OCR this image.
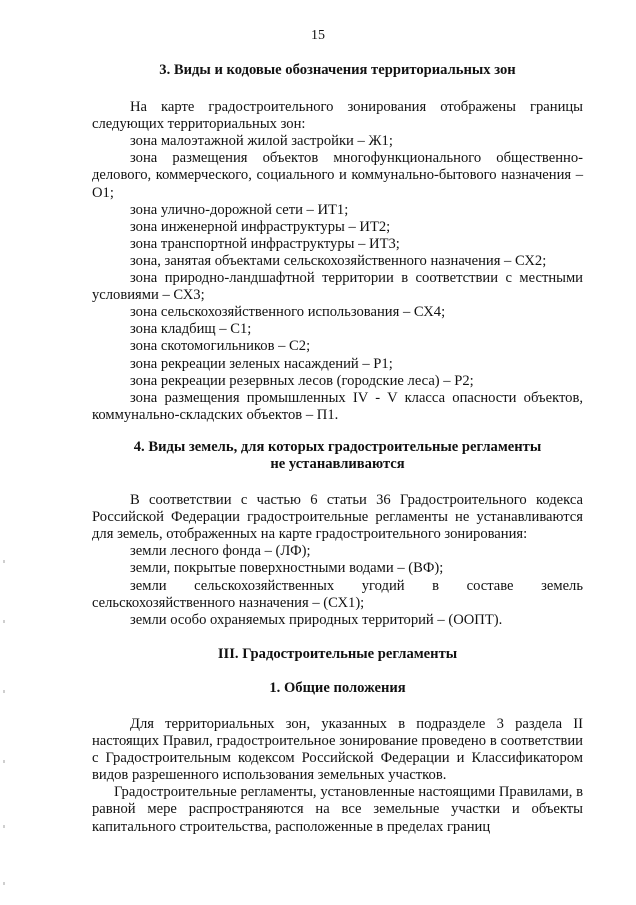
15

3. Виды и кодовые обозначения территориальных зон

На карте градостроительного зонирования отображены границы следующих территориальных зон:

зона малоэтажной жилой застройки – Ж1;

зона размещения объектов многофункционального общественно-делового, коммерческого, социального и коммунально-бытового назначения – О1;

зона улично-дорожной сети – ИТ1;

зона инженерной инфраструктуры – ИТ2;

зона транспортной инфраструктуры – ИТ3;

зона, занятая объектами сельскохозяйственного назначения – СХ2;

зона природно-ландшафтной территории в соответствии с местными условиями – СХ3;

зона сельскохозяйственного использования – СХ4;

зона кладбищ – С1;

зона скотомогильников – С2;

зона рекреации зеленых насаждений – Р1;

зона рекреации резервных лесов (городские леса) – Р2;

зона размещения промышленных IV - V класса опасности объектов, коммунально-складских объектов – П1.

4. Виды земель, для которых градостроительные регламенты

не устанавливаются

В соответствии с частью 6 статьи 36 Градостроительного кодекса Российской Федерации градостроительные регламенты не устанавливаются для земель, отображенных на карте градостроительного зонирования:

земли лесного фонда – (ЛФ);

земли, покрытые поверхностными водами – (ВФ);

земли сельскохозяйственных угодий в составе земель сельскохозяйственного назначения – (СХ1);

земли особо охраняемых природных территорий – (ООПТ).

III. Градостроительные регламенты

1. Общие положения

Для территориальных зон, указанных в подразделе 3 раздела II настоящих Правил, градостроительное зонирование проведено в соответствии с Градостроительным кодексом Российской Федерации и Классификатором видов разрешенного использования земельных участков.

Градостроительные регламенты, установленные настоящими Правилами, в равной мере распространяются на все земельные участки и объекты капитального строительства, расположенные в пределах границ
